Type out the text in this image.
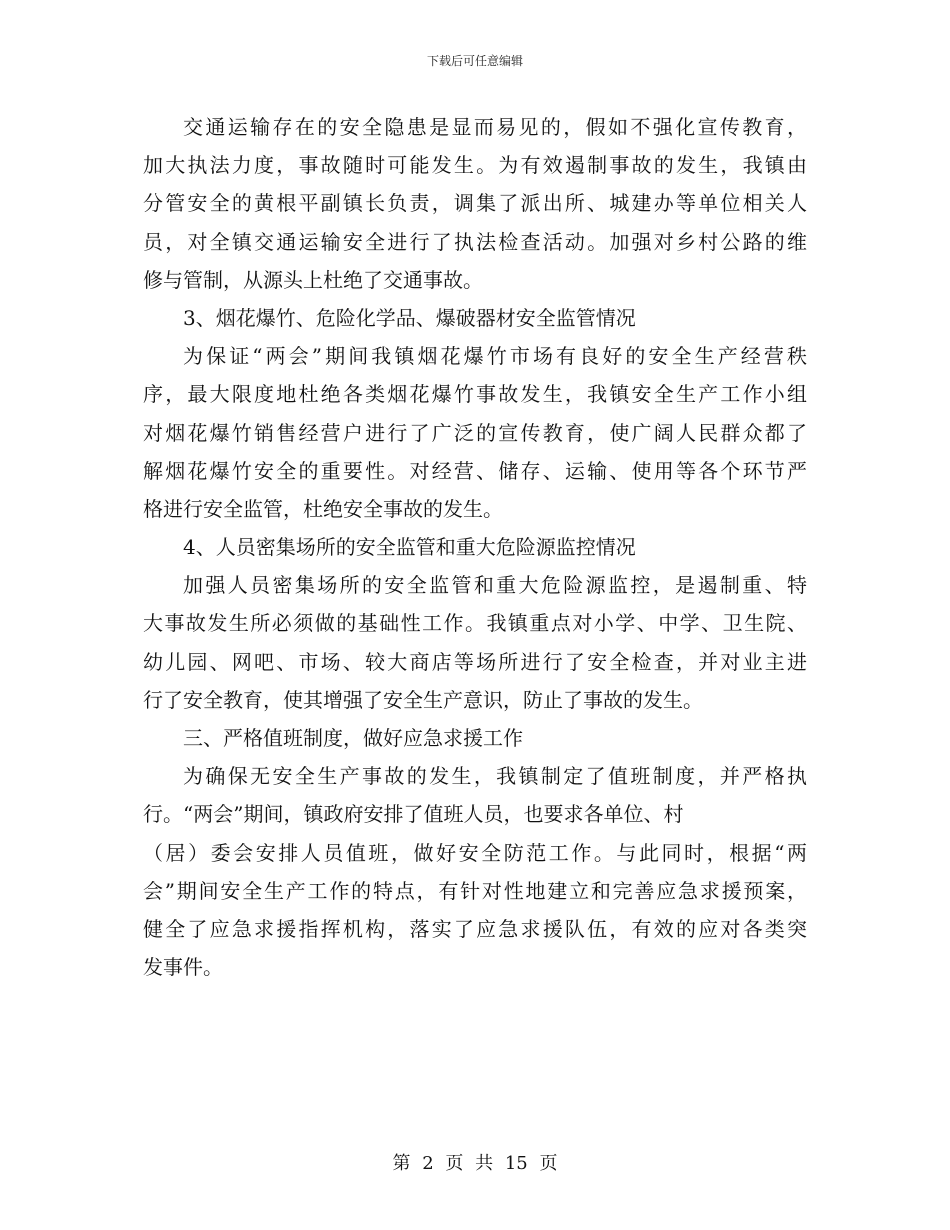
下载后可任意编辑
交通运输存在的安全隐患是显而易见的，假如不强化宣传教育，
加大执法力度，事故随时可能发生。为有效遏制事故的发生，我镇由
分管安全的黄根平副镇长负责，调集了派出所、城建办等单位相关人
员，对全镇交通运输安全进行了执法检查活动。加强对乡村公路的维
修与管制，从源头上杜绝了交通事故。
3、烟花爆竹、危险化学品、爆破器材安全监管情况
为保证“两会”期间我镇烟花爆竹市场有良好的安全生产经营秩
序，最大限度地杜绝各类烟花爆竹事故发生，我镇安全生产工作小组
对烟花爆竹销售经营户进行了广泛的宣传教育，使广阔人民群众都了
解烟花爆竹安全的重要性。对经营、储存、运输、使用等各个环节严
格进行安全监管，杜绝安全事故的发生。
4、人员密集场所的安全监管和重大危险源监控情况
加强人员密集场所的安全监管和重大危险源监控，是遏制重、特
大事故发生所必须做的基础性工作。我镇重点对小学、中学、卫生院、
幼儿园、网吧、市场、较大商店等场所进行了安全检查，并对业主进
行了安全教育，使其增强了安全生产意识，防止了事故的发生。
三、严格值班制度，做好应急求援工作
为确保无安全生产事故的发生，我镇制定了值班制度，并严格执
行。“两会”期间，镇政府安排了值班人员，也要求各单位、村
（居）委会安排人员值班，做好安全防范工作。与此同时，根据“两
会”期间安全生产工作的特点，有针对性地建立和完善应急求援预案，
健全了应急求援指挥机构，落实了应急求援队伍，有效的应对各类突
发事件。
第 2 页 共 15 页
